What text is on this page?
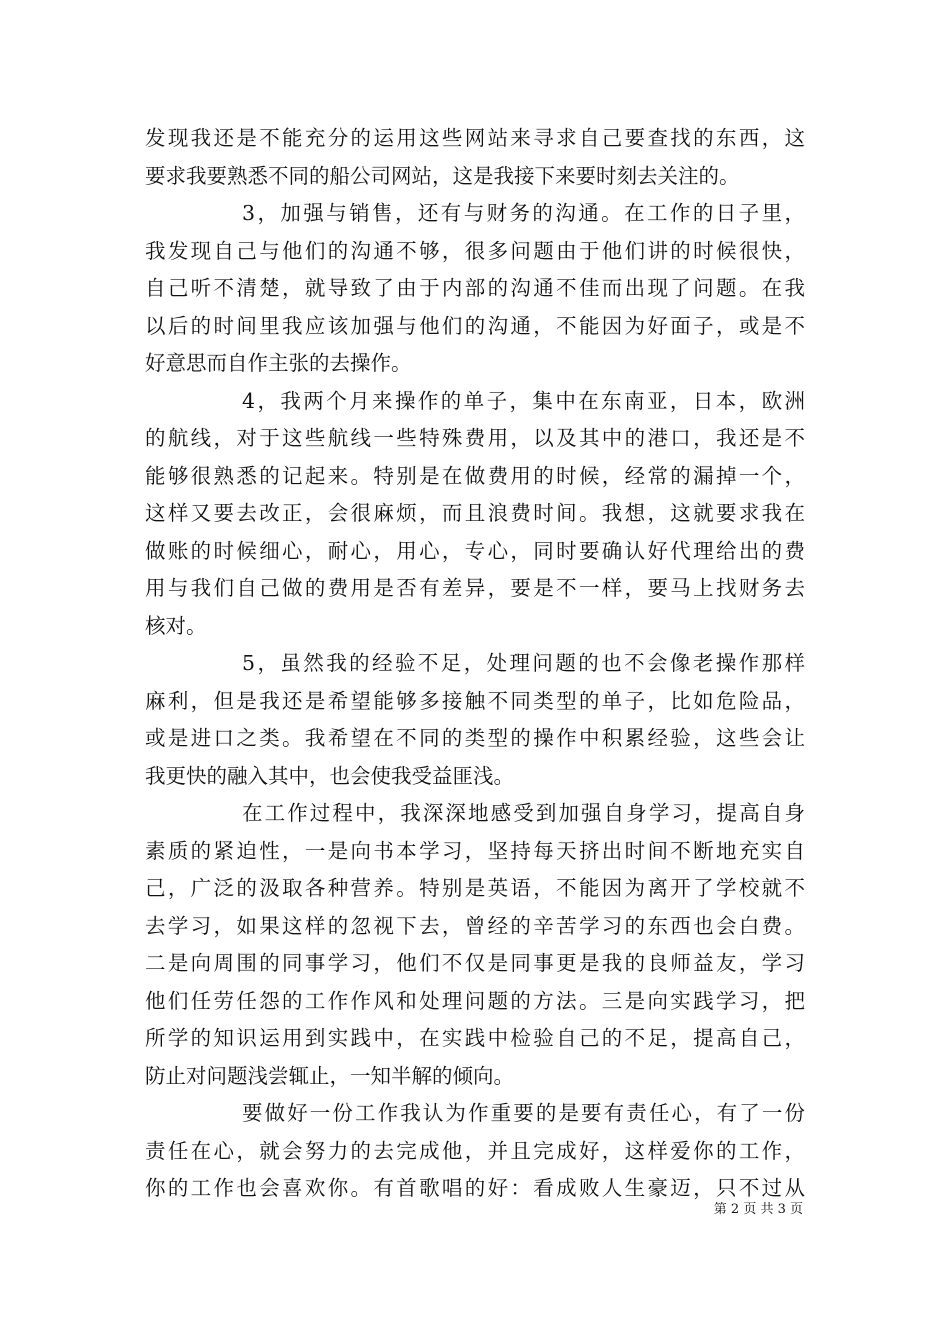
发现我还是不能充分的运用这些网站来寻求自己要查找的东西，这
要求我要熟悉不同的船公司网站，这是我接下来要时刻去关注的。
3，加强与销售，还有与财务的沟通。在工作的日子里，
我发现自己与他们的沟通不够，很多问题由于他们讲的时候很快，
自己听不清楚，就导致了由于内部的沟通不佳而出现了问题。在我
以后的时间里我应该加强与他们的沟通，不能因为好面子，或是不
好意思而自作主张的去操作。
4，我两个月来操作的单子，集中在东南亚，日本，欧洲
的航线，对于这些航线一些特殊费用，以及其中的港口，我还是不
能够很熟悉的记起来。特别是在做费用的时候，经常的漏掉一个，
这样又要去改正，会很麻烦，而且浪费时间。我想，这就要求我在
做账的时候细心，耐心，用心，专心，同时要确认好代理给出的费
用与我们自己做的费用是否有差异，要是不一样，要马上找财务去
核对。
5，虽然我的经验不足，处理问题的也不会像老操作那样
麻利，但是我还是希望能够多接触不同类型的单子，比如危险品，
或是进口之类。我希望在不同的类型的操作中积累经验，这些会让
我更快的融入其中，也会使我受益匪浅。
在工作过程中，我深深地感受到加强自身学习，提高自身
素质的紧迫性，一是向书本学习，坚持每天挤出时间不断地充实自
己，广泛的汲取各种营养。特别是英语，不能因为离开了学校就不
去学习，如果这样的忽视下去，曾经的辛苦学习的东西也会白费。
二是向周围的同事学习，他们不仅是同事更是我的良师益友，学习
他们任劳任怨的工作作风和处理问题的方法。三是向实践学习，把
所学的知识运用到实践中，在实践中检验自己的不足，提高自己，
防止对问题浅尝辄止，一知半解的倾向。
要做好一份工作我认为作重要的是要有责任心，有了一份
责任在心，就会努力的去完成他，并且完成好，这样爱你的工作，
你的工作也会喜欢你。有首歌唱的好：看成败人生豪迈，只不过从
第 2 页 共 3 页
